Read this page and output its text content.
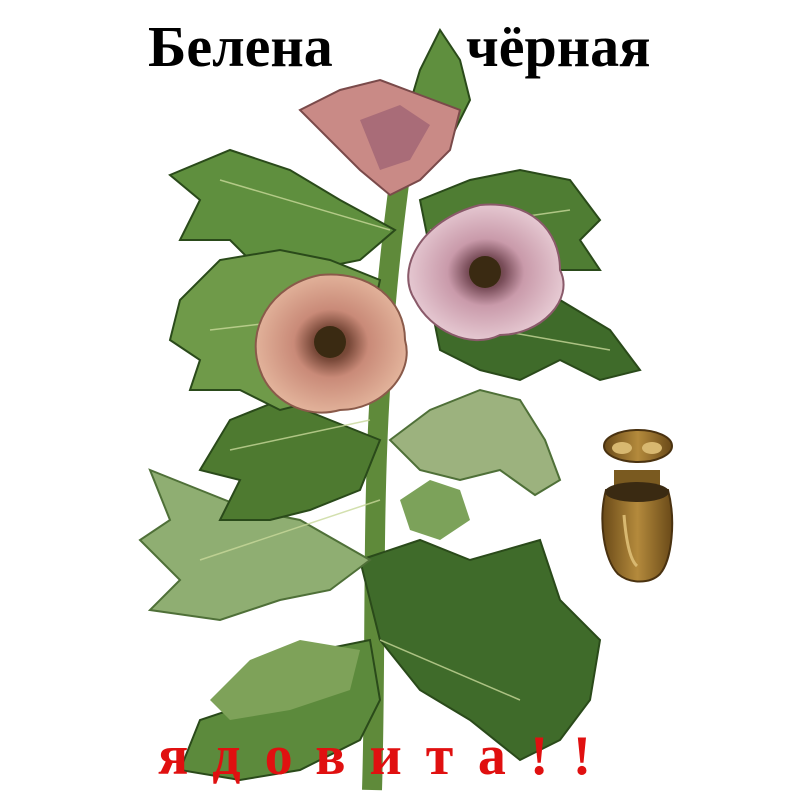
Белена чёрная
ядовита!!
